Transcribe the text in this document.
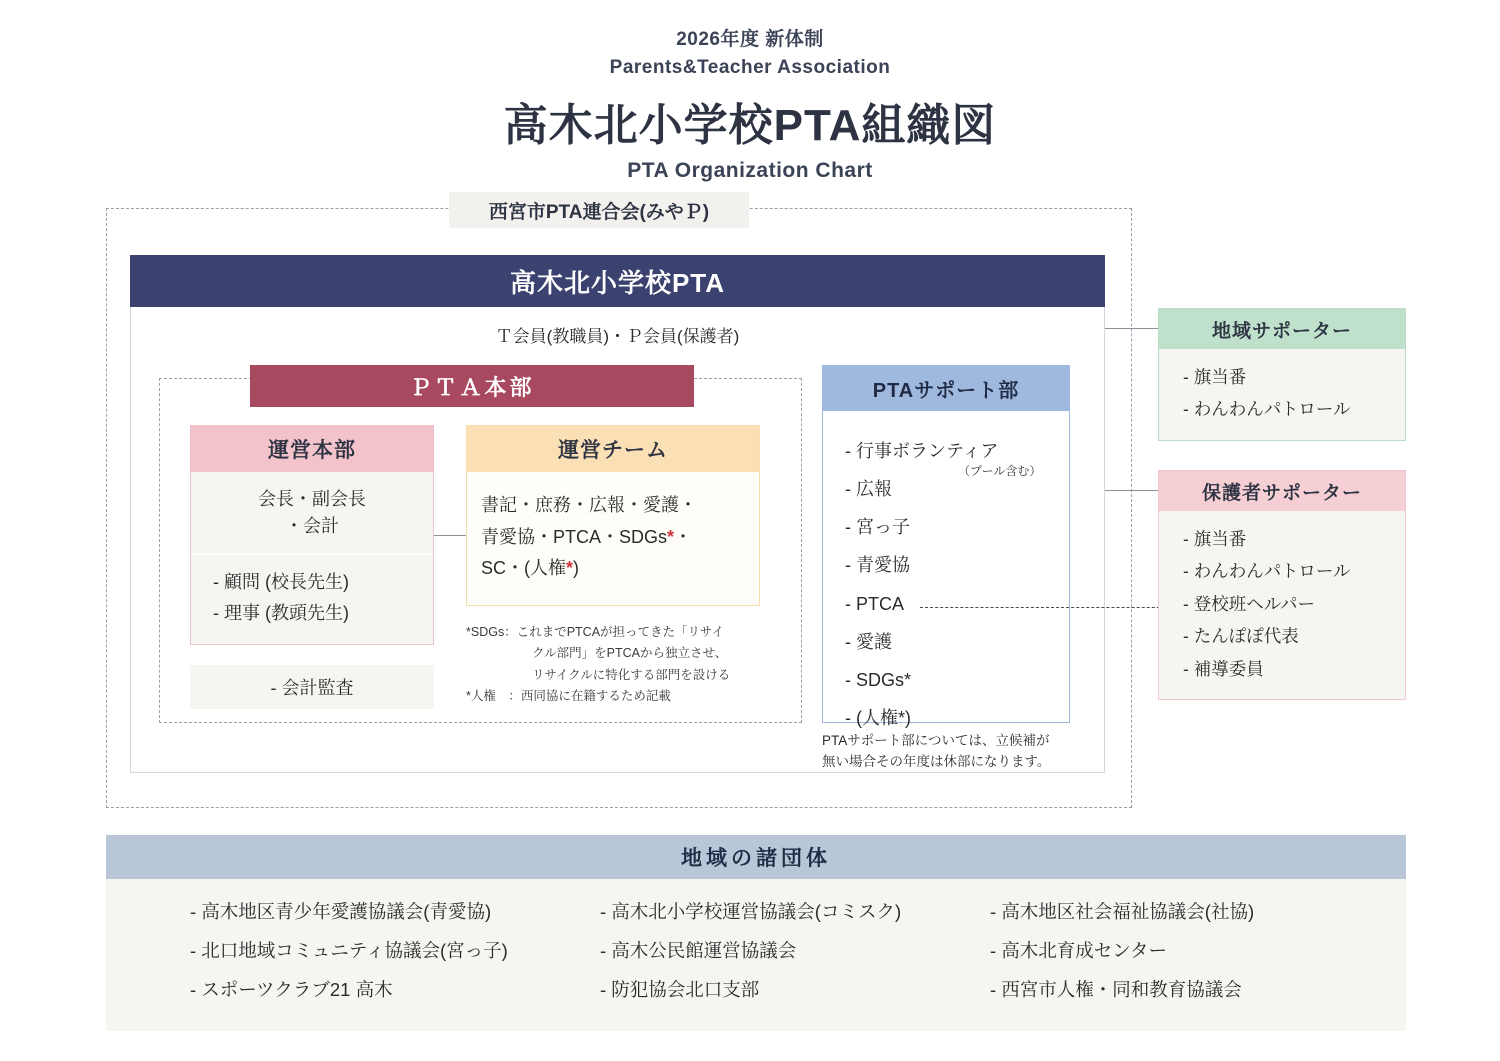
2026年度 新体制
Parents&Teacher Association
高木北小学校PTA組織図
PTA Organization Chart
西宮市PTA連合会(みやＰ)
高木北小学校PTA
Ｔ会員(教職員)・Ｐ会員(保護者)
ＰＴＡ本部
運営本部
会長・副会長
・会計
- 顧問 (校長先生)
- 理事 (教頭先生)
- 会計監査
運営チーム
書記・庶務・広報・愛護・
青愛協・PTCA・SDGs*・
SC・(人権*)
*SDGs： これまでPTCAが担ってきた「リサイ
クル部門」をPTCAから独立させ、
リサイクルに特化する部門を設ける
*人権　： 西同協に在籍するため記載
PTAサポート部
- 行事ボランティア
- 広報
- 宮っ子
- 青愛協
- PTCA
- 愛護
- SDGs*
- (人権*)
（プール含む）
PTAサポート部については、立候補が
無い場合その年度は休部になります。
地域サポーター
- 旗当番
- わんわんパトロール
保護者サポーター
- 旗当番
- わんわんパトロール
- 登校班ヘルパー
- たんぽぽ代表
- 補導委員
地域の諸団体
- 高木地区青少年愛護協議会(青愛協)
- 北口地域コミュニティ協議会(宮っ子)
- スポーツクラブ21 高木
- 高木北小学校運営協議会(コミスク)
- 高木公民館運営協議会
- 防犯協会北口支部
- 高木地区社会福祉協議会(社協)
- 高木北育成センター
- 西宮市人権・同和教育協議会
